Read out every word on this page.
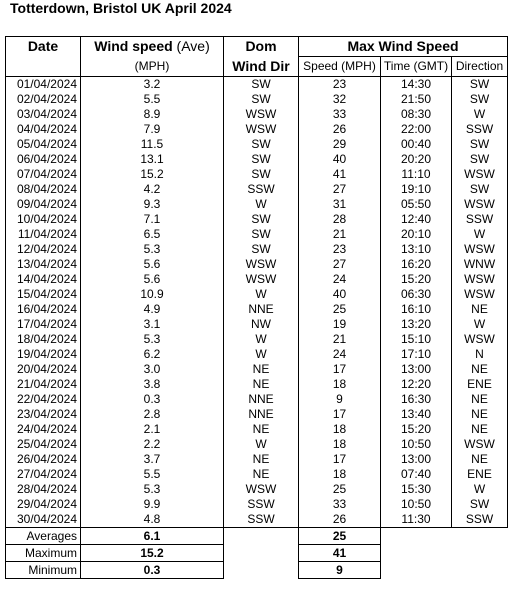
Totterdown, Bristol UK April 2024
Date	Wind speed (Ave)	Dom	Max Wind Speed		
	(MPH)	Wind Dir	Speed (MPH)	Time (GMT)	Direction
01/04/2024	3.2	SW	23	14:30	SW
02/04/2024	5.5	SW	32	21:50	SW
03/04/2024	8.9	WSW	33	08:30	W
04/04/2024	7.9	WSW	26	22:00	SSW
05/04/2024	11.5	SW	29	00:40	SW
06/04/2024	13.1	SW	40	20:20	SW
07/04/2024	15.2	SW	41	11:10	WSW
08/04/2024	4.2	SSW	27	19:10	SW
09/04/2024	9.3	W	31	05:50	WSW
10/04/2024	7.1	SW	28	12:40	SSW
11/04/2024	6.5	SW	21	20:10	W
12/04/2024	5.3	SW	23	13:10	WSW
13/04/2024	5.6	WSW	27	16:20	WNW
14/04/2024	5.6	WSW	24	15:20	WSW
15/04/2024	10.9	W	40	06:30	WSW
16/04/2024	4.9	NNE	25	16:10	NE
17/04/2024	3.1	NW	19	13:20	W
18/04/2024	5.3	W	21	15:10	WSW
19/04/2024	6.2	W	24	17:10	N
20/04/2024	3.0	NE	17	13:00	NE
21/04/2024	3.8	NE	18	12:20	ENE
22/04/2024	0.3	NNE	9	16:30	NE
23/04/2024	2.8	NNE	17	13:40	NE
24/04/2024	2.1	NE	18	15:20	NE
25/04/2024	2.2	W	18	10:50	WSW
26/04/2024	3.7	NE	17	13:00	NE
27/04/2024	5.5	NE	18	07:40	ENE
28/04/2024	5.3	WSW	25	15:30	W
29/04/2024	9.9	SSW	33	10:50	SW
30/04/2024	4.8	SSW	26	11:30	SSW
Averages	6.1		25		
Maximum	15.2		41		
Minimum	0.3		9		
